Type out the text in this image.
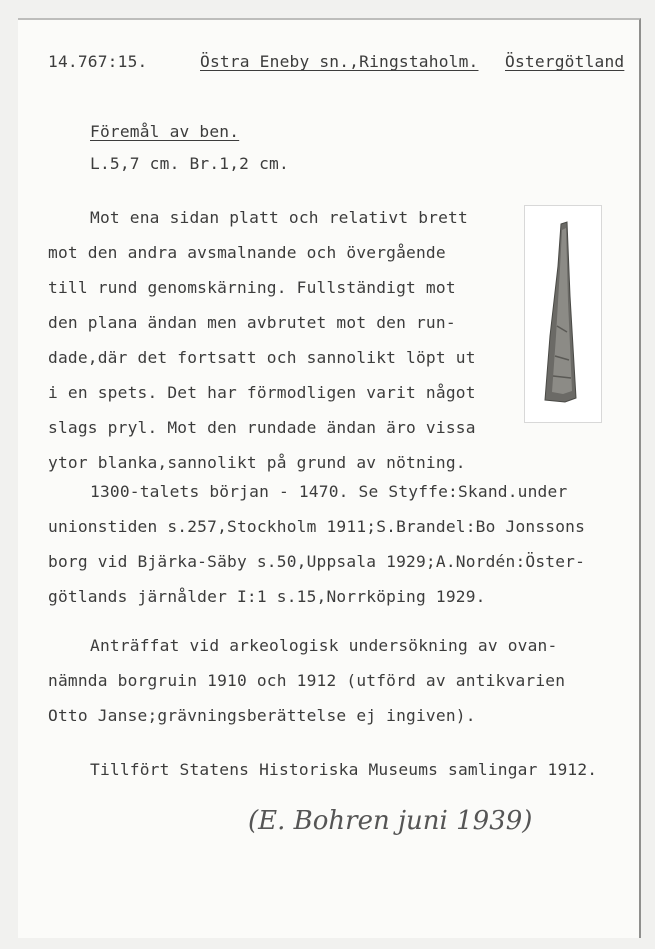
14.767:15.	Östra Eneby sn.,Ringstaholm. Östergötland
Föremål av ben.
L.5,7 cm. Br.1,2 cm.
Mot ena sidan platt och relativt brett
mot den andra avsmalnande och övergående
till rund genomskärning. Fullständigt mot
den plana ändan men avbrutet mot den run-
dade,där det fortsatt och sannolikt löpt ut
i en spets. Det har förmodligen varit något
slags pryl. Mot den rundade ändan äro vissa
ytor blanka,sannolikt på grund av nötning.
1300-talets början - 1470. Se Styffe:Skand.under
unionstiden s.257,Stockholm 1911;S.Brandel:Bo Jonssons
borg vid Bjärka-Säby s.50,Uppsala 1929;A.Nordén:Öster-
götlands järnålder I:1 s.15,Norrköping 1929.
Anträffat vid arkeologisk undersökning av ovan-
nämnda borgruin 1910 och 1912 (utförd av antikvarien
Otto Janse;grävningsberättelse ej ingiven).
Tillfört Statens Historiska Museums samlingar 1912.
(E. Bohren juni 1939)
